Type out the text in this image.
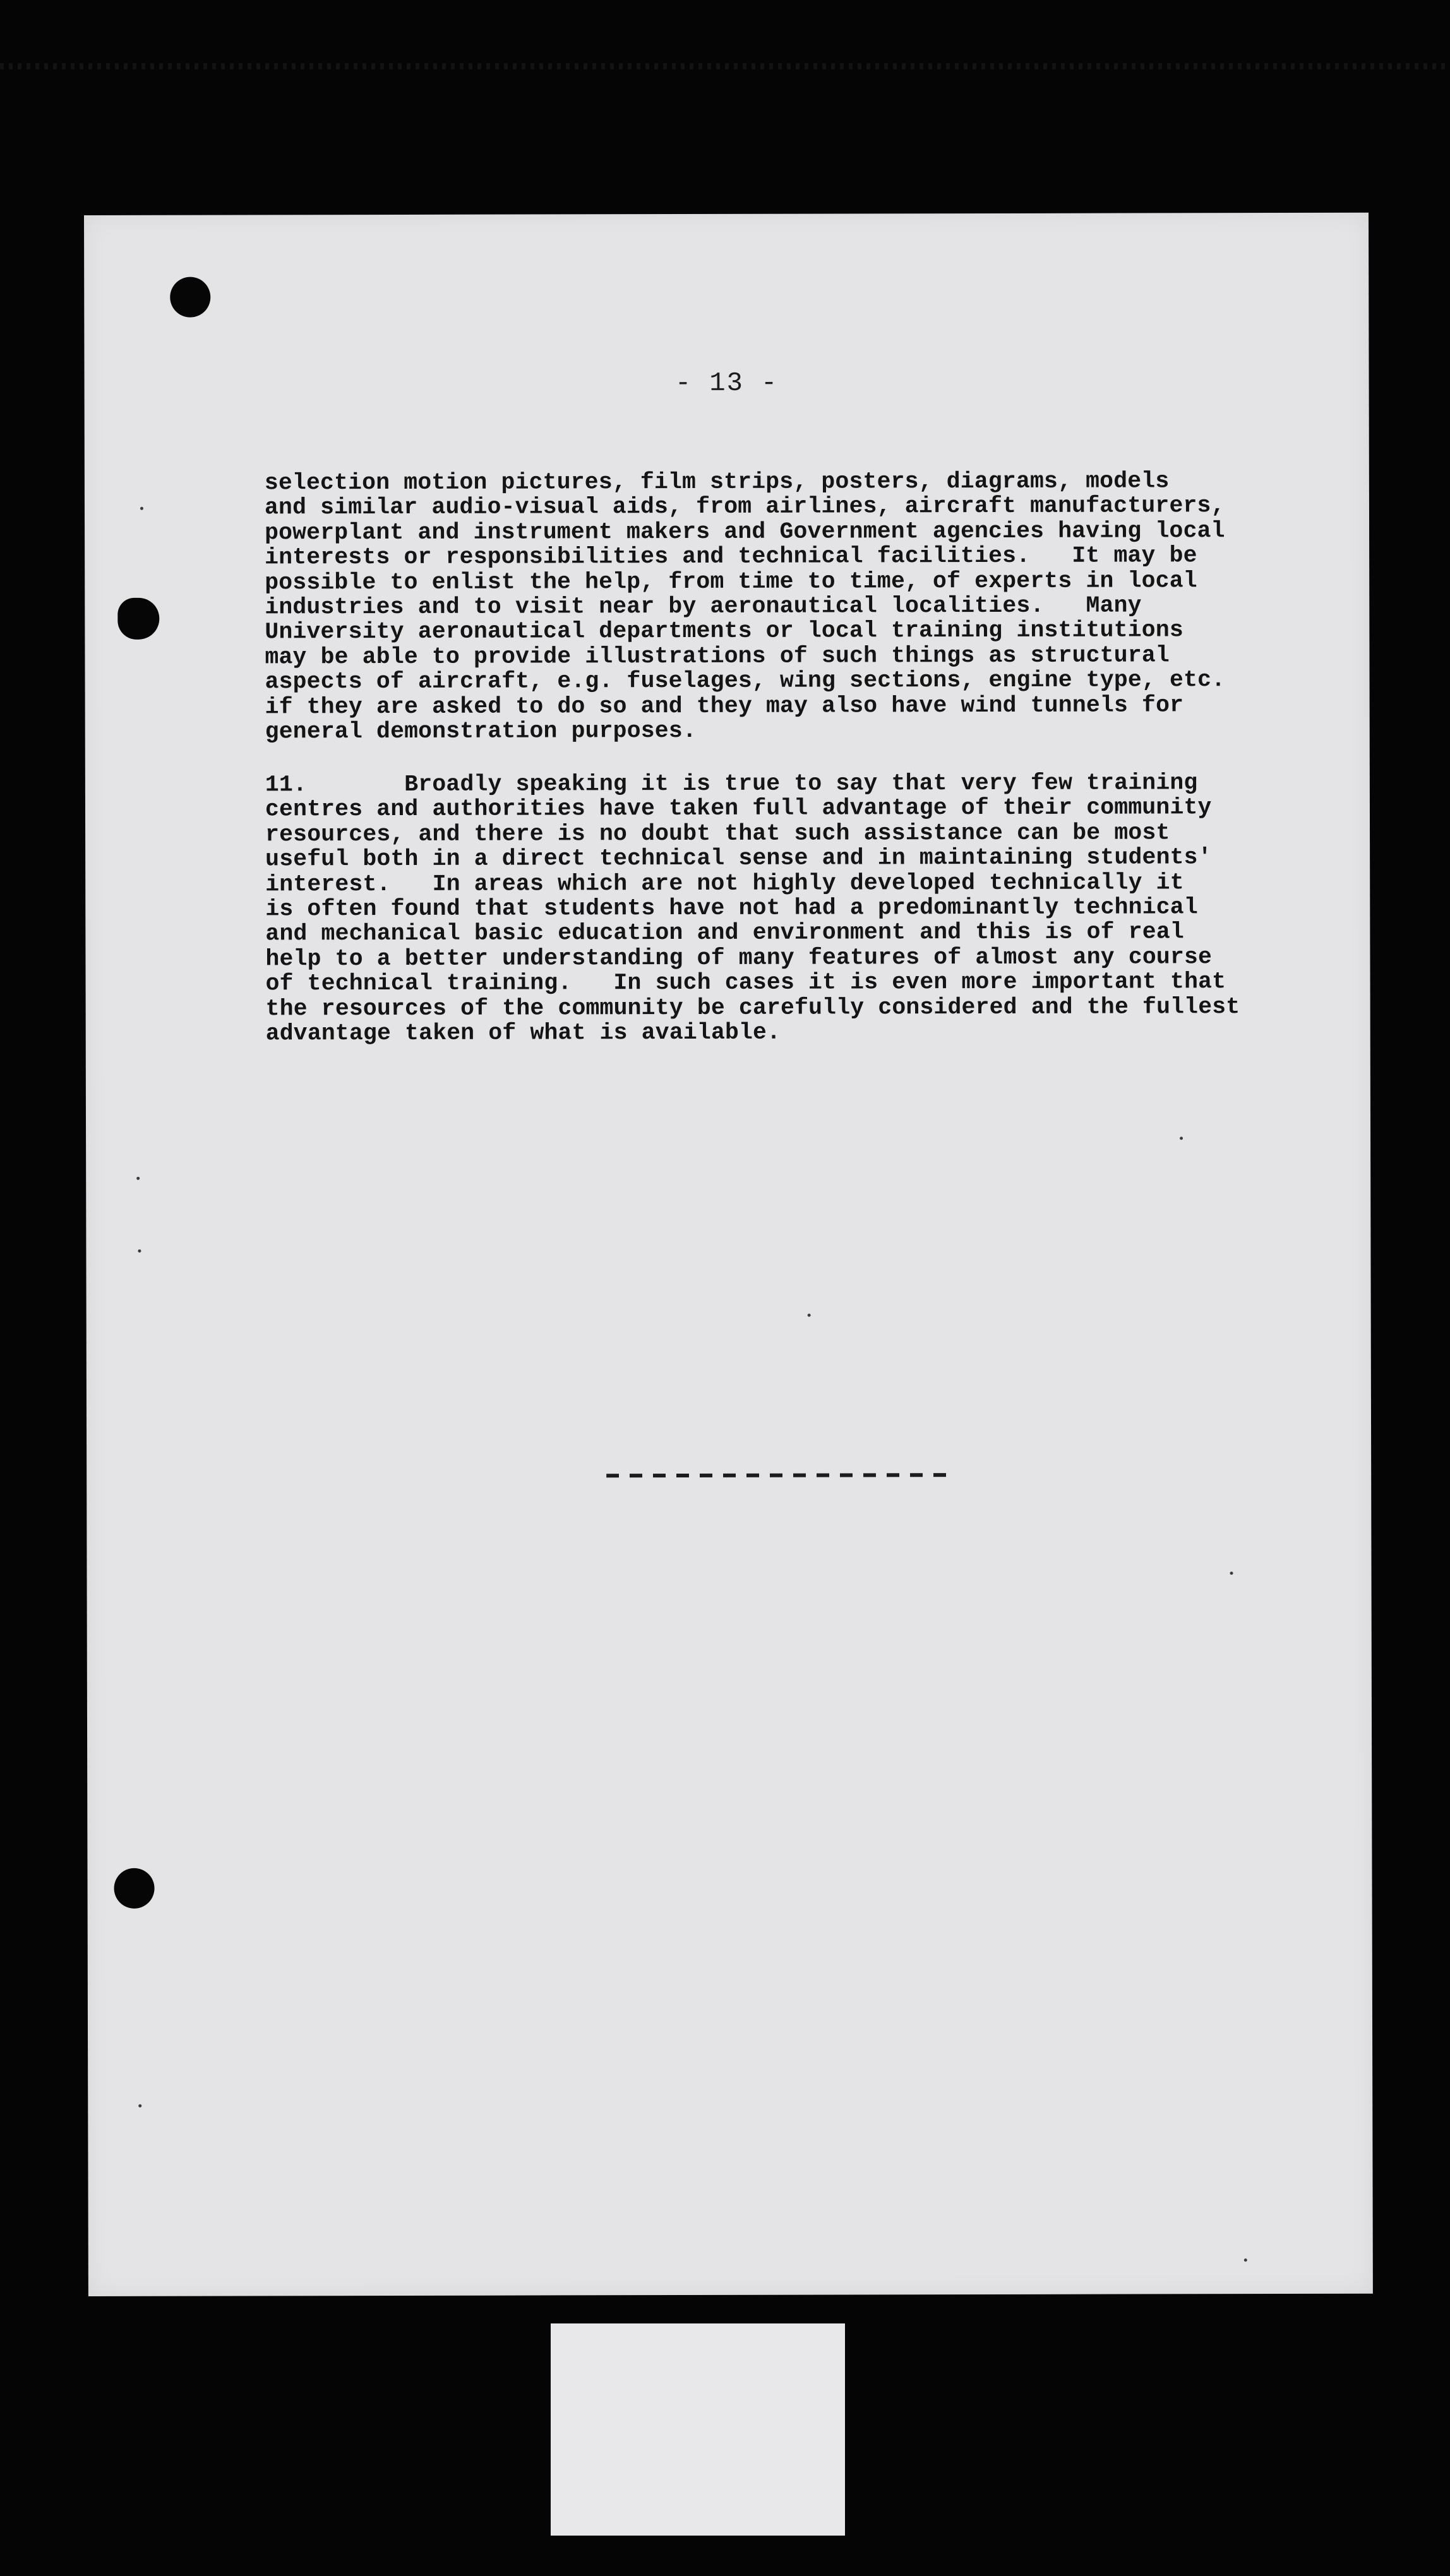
- 13 -
selection motion pictures, film strips, posters, diagrams, models
and similar audio-visual aids, from airlines, aircraft manufacturers,
powerplant and instrument makers and Government agencies having local
interests or responsibilities and technical facilities.   It may be
possible to enlist the help, from time to time, of experts in local
industries and to visit near by aeronautical localities.   Many
University aeronautical departments or local training institutions
may be able to provide illustrations of such things as structural
aspects of aircraft, e.g. fuselages, wing sections, engine type, etc.
if they are asked to do so and they may also have wind tunnels for
general demonstration purposes.
11.       Broadly speaking it is true to say that very few training
centres and authorities have taken full advantage of their community
resources, and there is no doubt that such assistance can be most
useful both in a direct technical sense and in maintaining students'
interest.   In areas which are not highly developed technically it
is often found that students have not had a predominantly technical
and mechanical basic education and environment and this is of real
help to a better understanding of many features of almost any course
of technical training.   In such cases it is even more important that
the resources of the community be carefully considered and the fullest
advantage taken of what is available.
